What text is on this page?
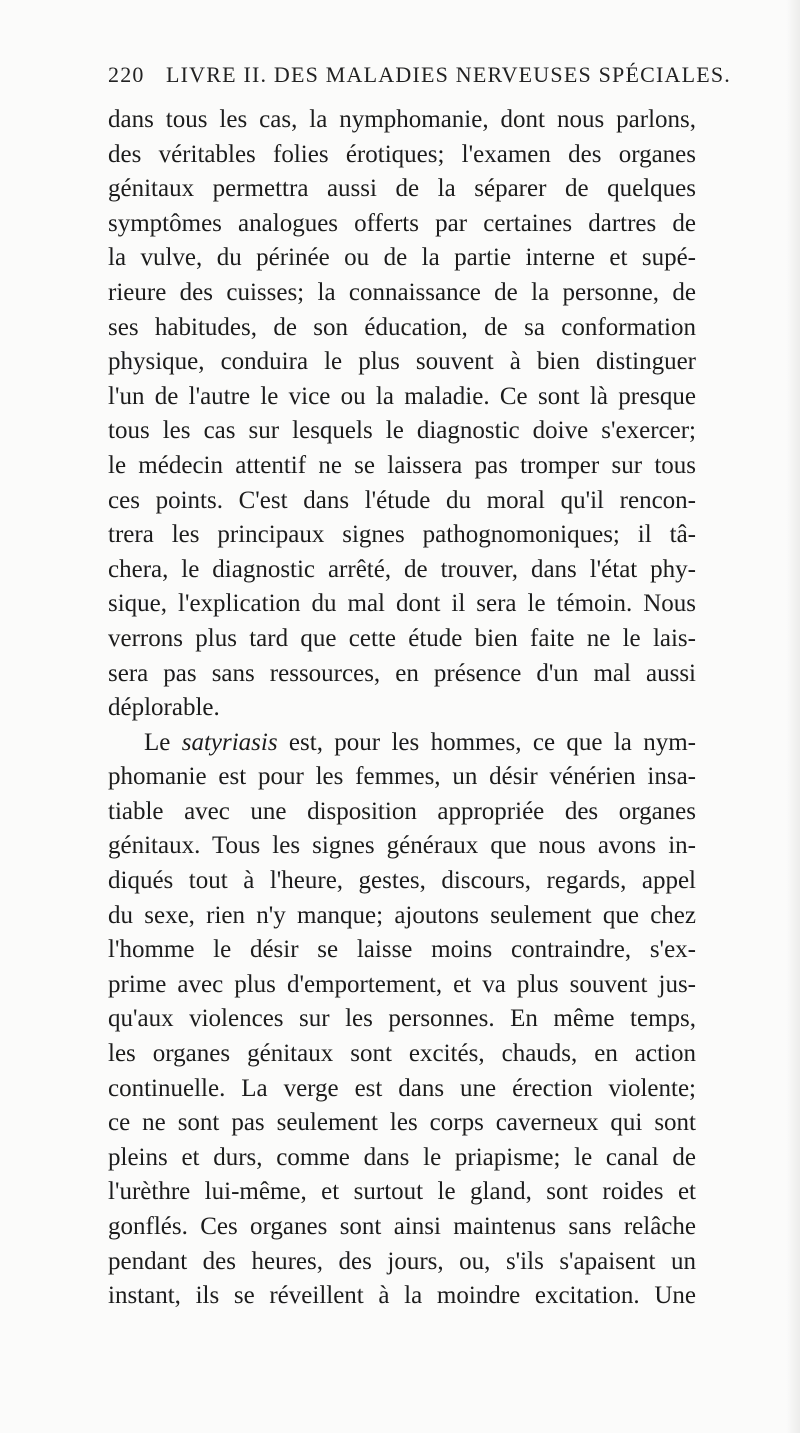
220 LIVRE II. DES MALADIES NERVEUSES SPÉCIALES.
dans tous les cas, la nymphomanie, dont nous parlons,
des véritables folies érotiques; l'examen des organes
génitaux permettra aussi de la séparer de quelques
symptômes analogues offerts par certaines dartres de
la vulve, du périnée ou de la partie interne et supé-
rieure des cuisses; la connaissance de la personne, de
ses habitudes, de son éducation, de sa conformation
physique, conduira le plus souvent à bien distinguer
l'un de l'autre le vice ou la maladie. Ce sont là presque
tous les cas sur lesquels le diagnostic doive s'exercer;
le médecin attentif ne se laissera pas tromper sur tous
ces points. C'est dans l'étude du moral qu'il rencon-
trera les principaux signes pathognomoniques; il tâ-
chera, le diagnostic arrêté, de trouver, dans l'état phy-
sique, l'explication du mal dont il sera le témoin. Nous
verrons plus tard que cette étude bien faite ne le lais-
sera pas sans ressources, en présence d'un mal aussi
déplorable.
Le satyriasis est, pour les hommes, ce que la nym-
phomanie est pour les femmes, un désir vénérien insa-
tiable avec une disposition appropriée des organes
génitaux. Tous les signes généraux que nous avons in-
diqués tout à l'heure, gestes, discours, regards, appel
du sexe, rien n'y manque; ajoutons seulement que chez
l'homme le désir se laisse moins contraindre, s'ex-
prime avec plus d'emportement, et va plus souvent jus-
qu'aux violences sur les personnes. En même temps,
les organes génitaux sont excités, chauds, en action
continuelle. La verge est dans une érection violente;
ce ne sont pas seulement les corps caverneux qui sont
pleins et durs, comme dans le priapisme; le canal de
l'urèthre lui-même, et surtout le gland, sont roides et
gonflés. Ces organes sont ainsi maintenus sans relâche
pendant des heures, des jours, ou, s'ils s'apaisent un
instant, ils se réveillent à la moindre excitation. Une
